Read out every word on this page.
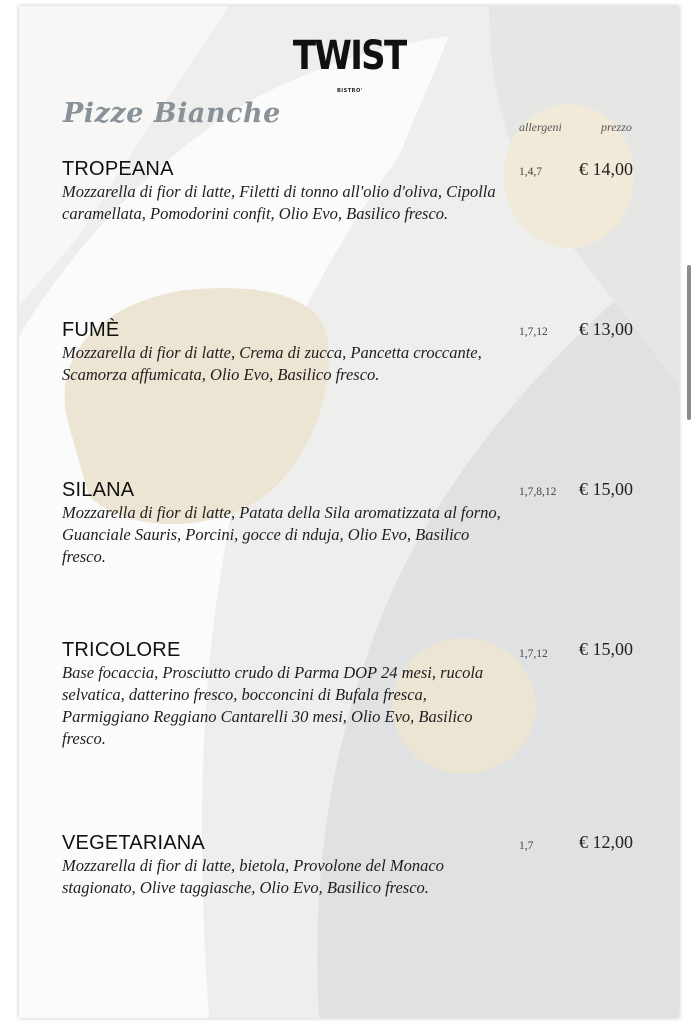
TWIST
BISTRO'
Pizze Bianche	allergeni	prezzo
TROPEANA
Mozzarella di fior di latte, Filetti di tonno all'olio d'oliva, Cipolla caramellata, Pomodorini confit, Olio Evo, Basilico fresco.
1,4,7 € 14,00
FUMÈ
Mozzarella di fior di latte, Crema di zucca, Pancetta croccante, Scamorza affumicata, Olio Evo, Basilico fresco.
1,7,12 € 13,00
SILANA
Mozzarella di fior di latte, Patata della Sila aromatizzata al forno, Guanciale Sauris, Porcini, gocce di nduja, Olio Evo, Basilico fresco.
1,7,8,12 € 15,00
TRICOLORE
Base focaccia, Prosciutto crudo di Parma DOP 24 mesi, rucola selvatica, datterino fresco, bocconcini di Bufala fresca, Parmiggiano Reggiano Cantarelli 30 mesi, Olio Evo, Basilico fresco.
1,7,12 € 15,00
VEGETARIANA
Mozzarella di fior di latte, bietola, Provolone del Monaco stagionato, Olive taggiasche, Olio Evo, Basilico fresco.
1,7	€ 12,00
